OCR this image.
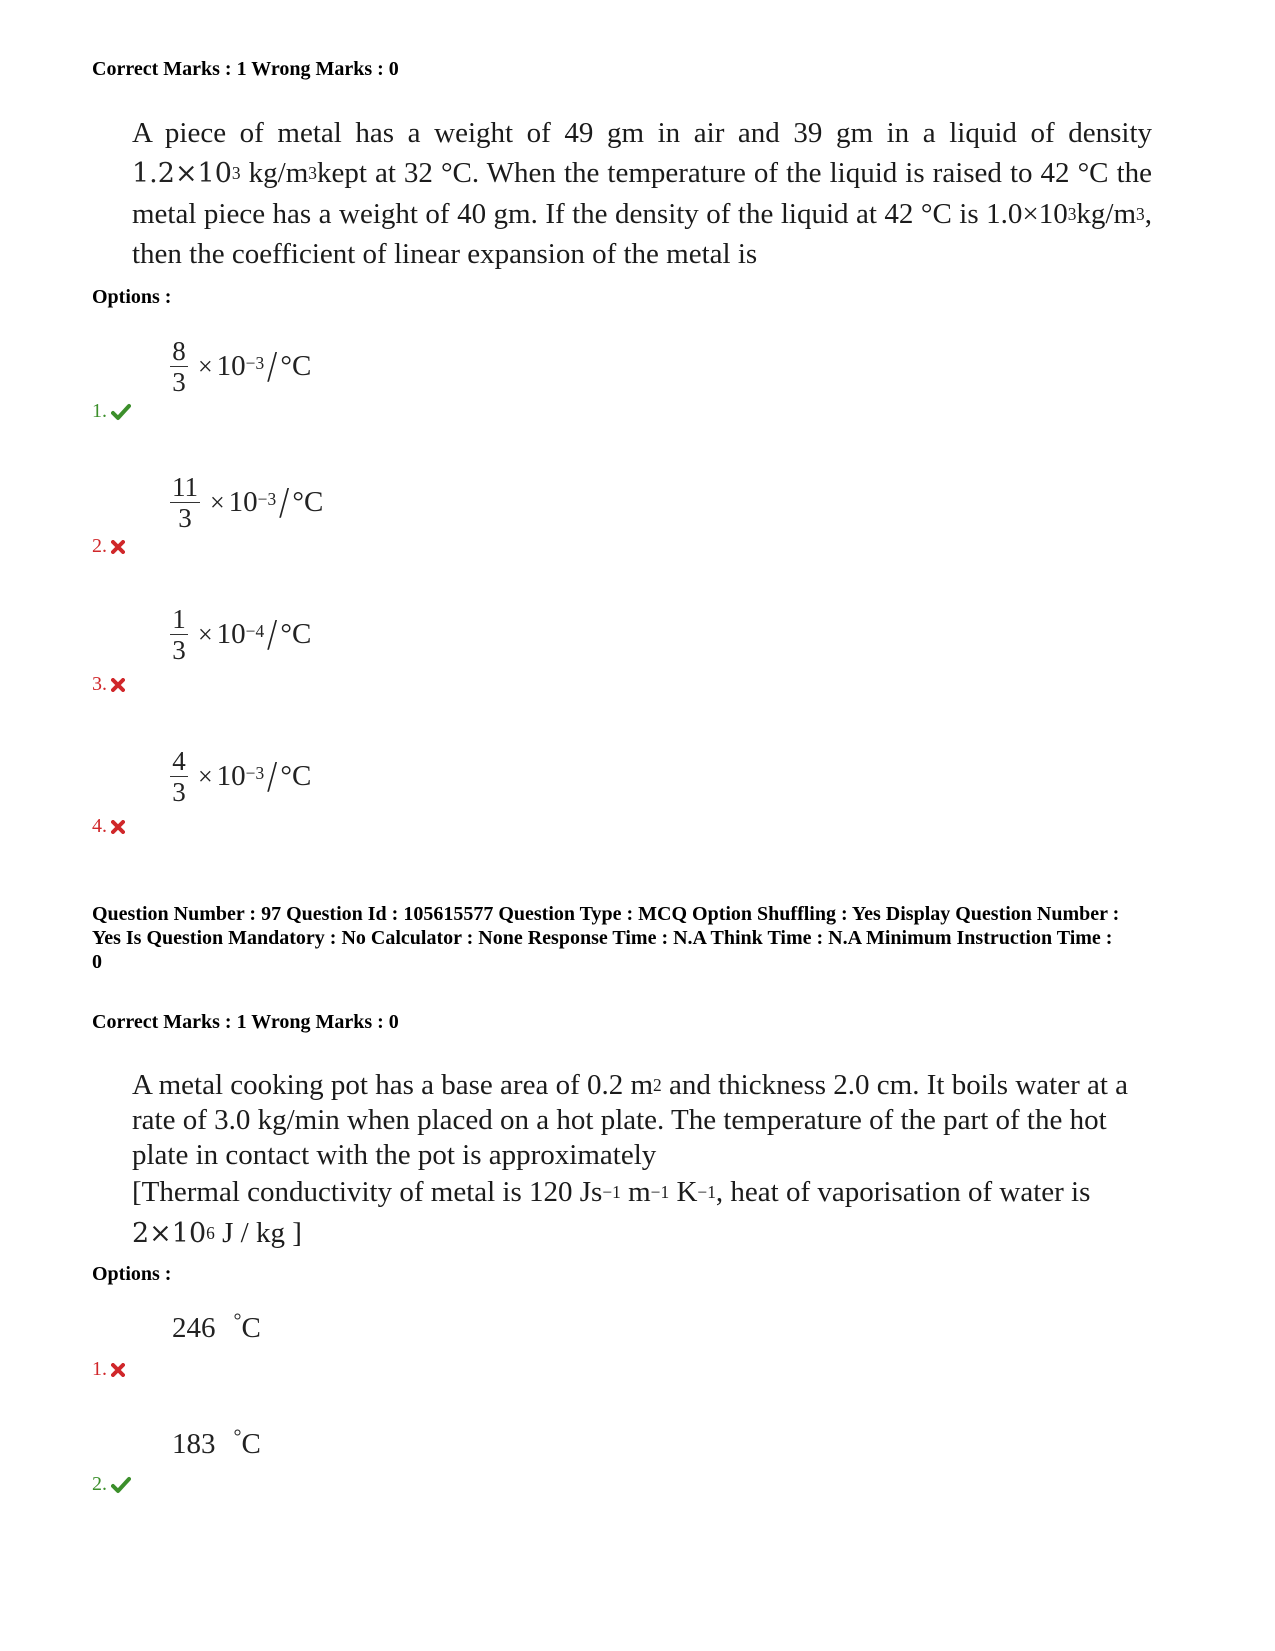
Correct Marks : 1 Wrong Marks : 0
A piece of metal has a weight of 49 gm in air and 39 gm in a liquid of density
$1.2\times 10^3$ $kg/m^3kept$ at 32 °C. When the temperature of the liquid is raised to 42 °C the
metal piece has a weight of 40 gm. If the density of the liquid at 42 °C is $1.0\times 10^3kg/m^3$,
then the coefficient of linear expansion of the metal is
Options :
$\frac{8}{3} \times 10^{-3} / ^\circ C$
1.
$\frac{11}{3} \times 10^{-3} / ^\circ C$
2.
$\frac{1}{3} \times 10^{-4} / ^\circ C$
3.
$\frac{4}{3} \times 10^{-3} / ^\circ C$
4.
Question Number : 97 Question Id : 105615577 Question Type : MCQ Option Shuffling : Yes Display Question Number :
Yes Is Question Mandatory : No Calculator : None Response Time : N.A Think Time : N.A Minimum Instruction Time :
0
Correct Marks : 1 Wrong Marks : 0
A metal cooking pot has a base area of 0.2 $m^2$ and thickness 2.0 cm. It boils water at a
rate of 3.0 kg/min when placed on a hot plate. The temperature of the part of the hot
plate in contact with the pot is approximately
[Thermal conductivity of metal is 120 $Js^{-1}$ $m^{-1}$ $K^{-1}$, heat of vaporisation of water is
$2\times 10^6$ J / kg ]
Options :
246 °C
1.
183 °C
2.
